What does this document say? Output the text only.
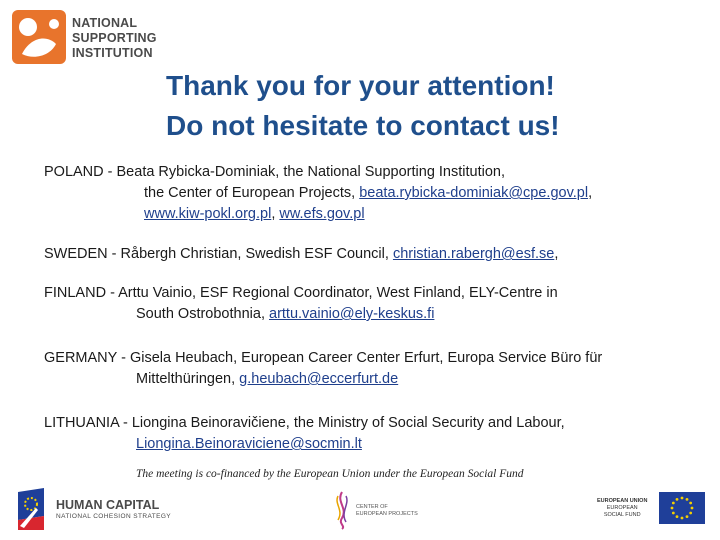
NATIONAL
SUPPORTING
INSTITUTION
Thank you for your attention!
Do not hesitate to contact us!
POLAND - Beata Rybicka-Dominiak, the National Supporting Institution,
the Center of European Projects, beata.rybicka-dominiak@cpe.gov.pl,
www.kiw-pokl.org.pl, ww.efs.gov.pl
SWEDEN - Råbergh Christian, Swedish ESF Council, christian.rabergh@esf.se,
FINLAND - Arttu Vainio, ESF Regional Coordinator, West Finland, ELY-Centre in
South Ostrobothnia, arttu.vainio@ely-keskus.fi
GERMANY - Gisela Heubach, European Career Center Erfurt, Europa Service Büro für
Mittelthüringen, g.heubach@eccerfurt.de
LITHUANIA - Liongina Beinoravičiene, the Ministry of Social Security and Labour,
Liongina.Beinoraviciene@socmin.lt
The meeting is co-financed by the European Union under the European Social Fund
HUMAN CAPITAL
NATIONAL COHESION STRATEGY
CENTER OF
EUROPEAN PROJECTS
EUROPEAN UNION
EUROPEAN
SOCIAL FUND
